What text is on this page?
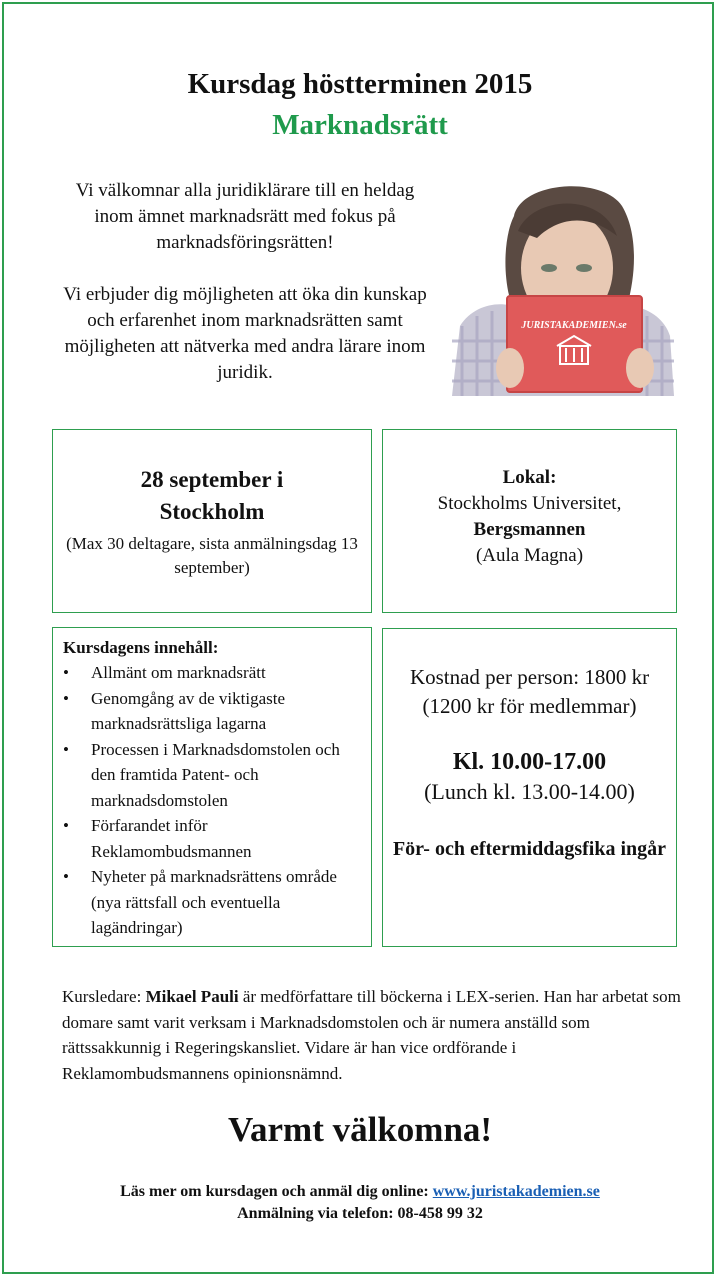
Kursdag höstterminen 2015
Marknadsrätt

Vi välkomnar alla juridiklärare till en heldag inom ämnet marknadsrätt med fokus på marknadsföringsrätten!

Vi erbjuder dig möjligheten att öka din kunskap och erfarenhet inom marknadsrätten samt möjligheten att nätverka med andra lärare inom juridik.

JURISTAKADEMIEN.se
28 september i Stockholm
(Max 30 deltagare, sista anmälningsdag 13 september)
Lokal:
Stockholms Universitet,
Bergsmannen
(Aula Magna)
Kursdagens innehåll:
• Allmänt om marknadsrätt
• Genomgång av de viktigaste marknadsrättsliga lagarna
• Processen i Marknadsdomstolen och den framtida Patent- och marknadsdomstolen
• Förfarandet inför Reklamombudsmannen
• Nyheter på marknadsrättens område (nya rättsfall och eventuella lagändringar)
Kostnad per person: 1800 kr
(1200 kr för medlemmar)
Kl. 10.00-17.00
(Lunch kl. 13.00-14.00)
För- och eftermiddagsfika ingår
Kursledare: Mikael Pauli är medförfattare till böckerna i LEX-serien. Han har arbetat som domare samt varit verksam i Marknadsdomstolen och är numera anställd som rättssakkunnig i Regeringskansliet. Vidare är han vice ordförande i Reklamombudsmannens opinionsnämnd.
Varmt välkomna!
Läs mer om kursdagen och anmäl dig online: www.juristakademien.se
Anmälning via telefon: 08-458 99 32
